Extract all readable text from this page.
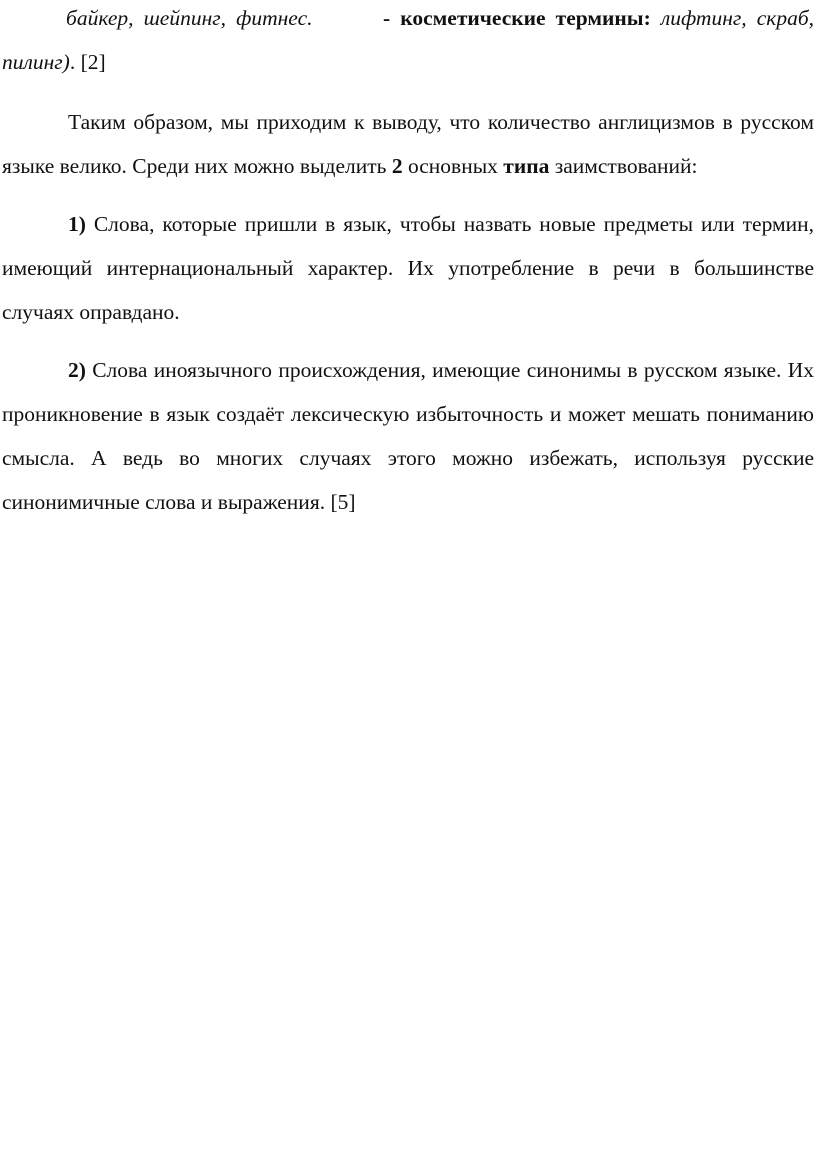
байкер, шейпинг, фитнес.	- косметические термины: лифтинг, скраб, пилинг). [2]

Таким образом, мы приходим к выводу, что количество англицизмов в русском языке велико. Среди них можно выделить 2 основных типа заимствований:

1) Слова, которые пришли в язык, чтобы назвать новые предметы или термин, имеющий интернациональный характер. Их употребление в речи в большинстве случаях оправдано.

2) Слова иноязычного происхождения, имеющие синонимы в русском языке. Их проникновение в язык создаёт лексическую избыточность и может мешать пониманию смысла. А ведь во многих случаях этого можно избежать, используя русские синонимичные слова и выражения. [5]
